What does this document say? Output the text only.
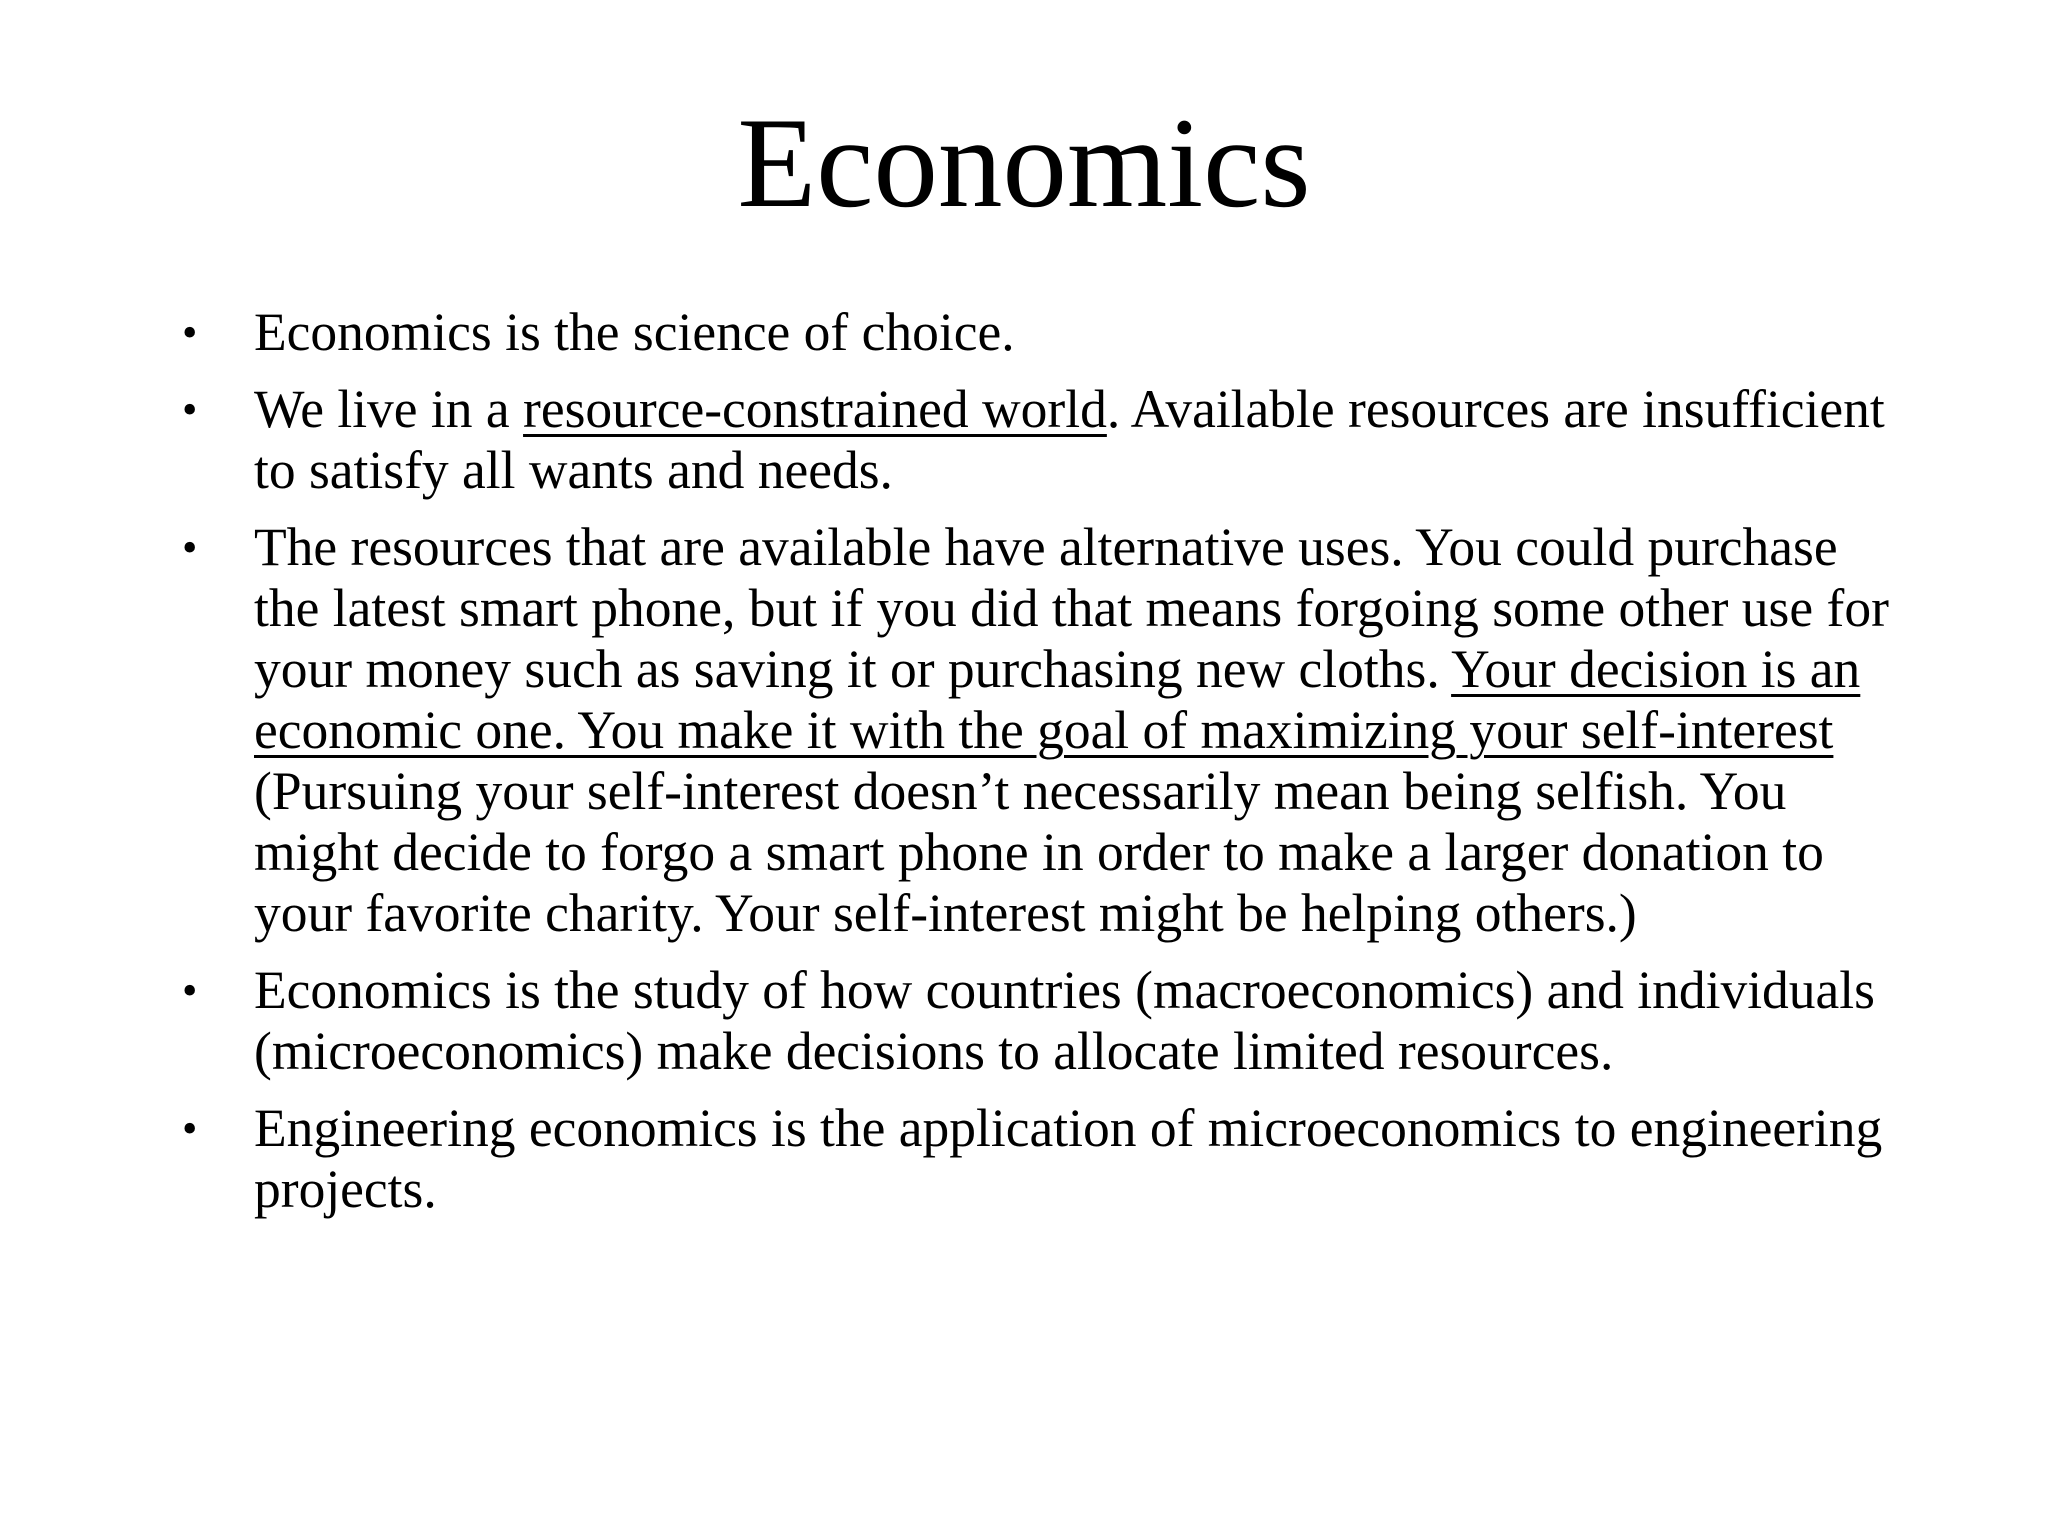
Economics
• Economics is the science of choice.
• We live in a resource-constrained world. Available resources are insufficient to satisfy all wants and needs.
• The resources that are available have alternative uses. You could purchase the latest smart phone, but if you did that means forgoing some other use for your money such as saving it or purchasing new cloths. Your decision is an economic one. You make it with the goal of maximizing your self-interest (Pursuing your self-interest doesn’t necessarily mean being selfish. You might decide to forgo a smart phone in order to make a larger donation to your favorite charity. Your self-interest might be helping others.)
• Economics is the study of how countries (macroeconomics) and individuals (microeconomics) make decisions to allocate limited resources.
• Engineering economics is the application of microeconomics to engineering projects.
